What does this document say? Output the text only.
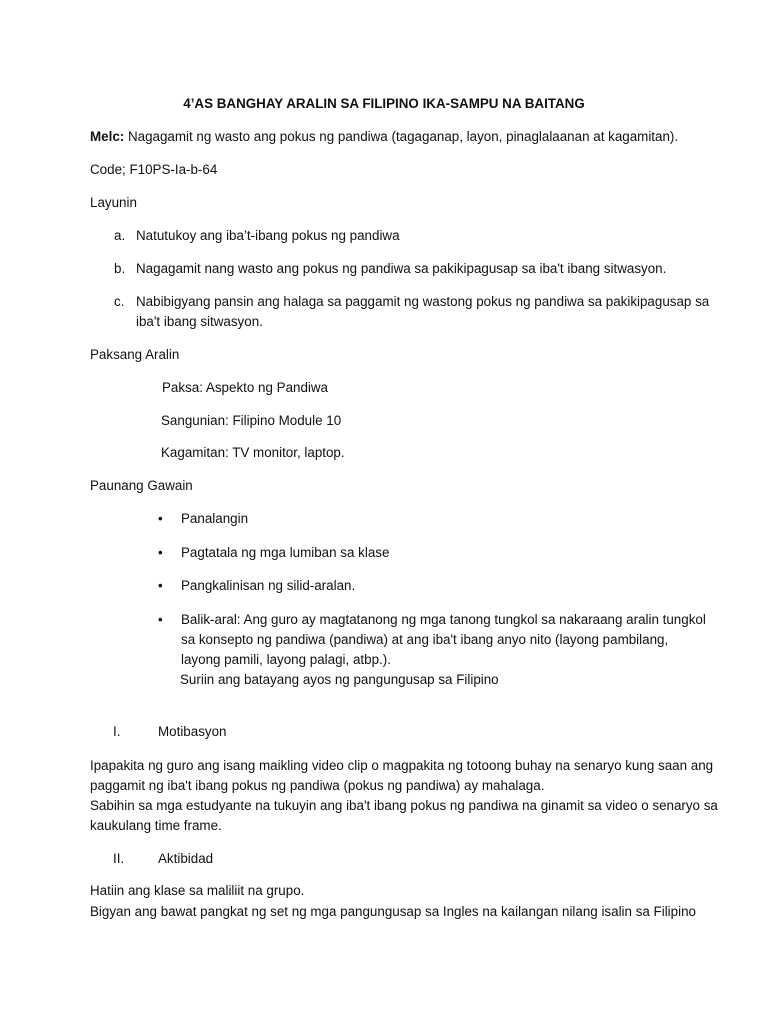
4’AS BANGHAY ARALIN SA FILIPINO IKA-SAMPU NA BAITANG
Melc: Nagagamit ng wasto ang pokus ng pandiwa (tagaganap, layon, pinaglalaanan at kagamitan).
Code; F10PS-Ia-b-64
Layunin
a. Natutukoy ang iba’t-ibang pokus ng pandiwa
b. Nagagamit nang wasto ang pokus ng pandiwa sa pakikipagusap sa iba't ibang sitwasyon.
c. Nabibigyang pansin ang halaga sa paggamit ng wastong pokus ng pandiwa sa pakikipagusap sa
iba't ibang sitwasyon.
Paksang Aralin
Paksa: Aspekto ng Pandiwa
Sangunian: Filipino Module 10
Kagamitan: TV monitor, laptop.
Paunang Gawain
• Panalangin
• Pagtatala ng mga lumiban sa klase
• Pangkalinisan ng silid-aralan.
• Balik-aral: Ang guro ay magtatanong ng mga tanong tungkol sa nakaraang aralin tungkol
sa konsepto ng pandiwa (pandiwa) at ang iba't ibang anyo nito (layong pambilang,
layong pamili, layong palagi, atbp.).
Suriin ang batayang ayos ng pangungusap sa Filipino
I.	Motibasyon
Ipapakita ng guro ang isang maikling video clip o magpakita ng totoong buhay na senaryo kung saan ang
paggamit ng iba't ibang pokus ng pandiwa (pokus ng pandiwa) ay mahalaga.
Sabihin sa mga estudyante na tukuyin ang iba't ibang pokus ng pandiwa na ginamit sa video o senaryo sa
kaukulang time frame.
II.	Aktibidad
Hatiin ang klase sa maliliit na grupo.
Bigyan ang bawat pangkat ng set ng mga pangungusap sa Ingles na kailangan nilang isalin sa Filipino
